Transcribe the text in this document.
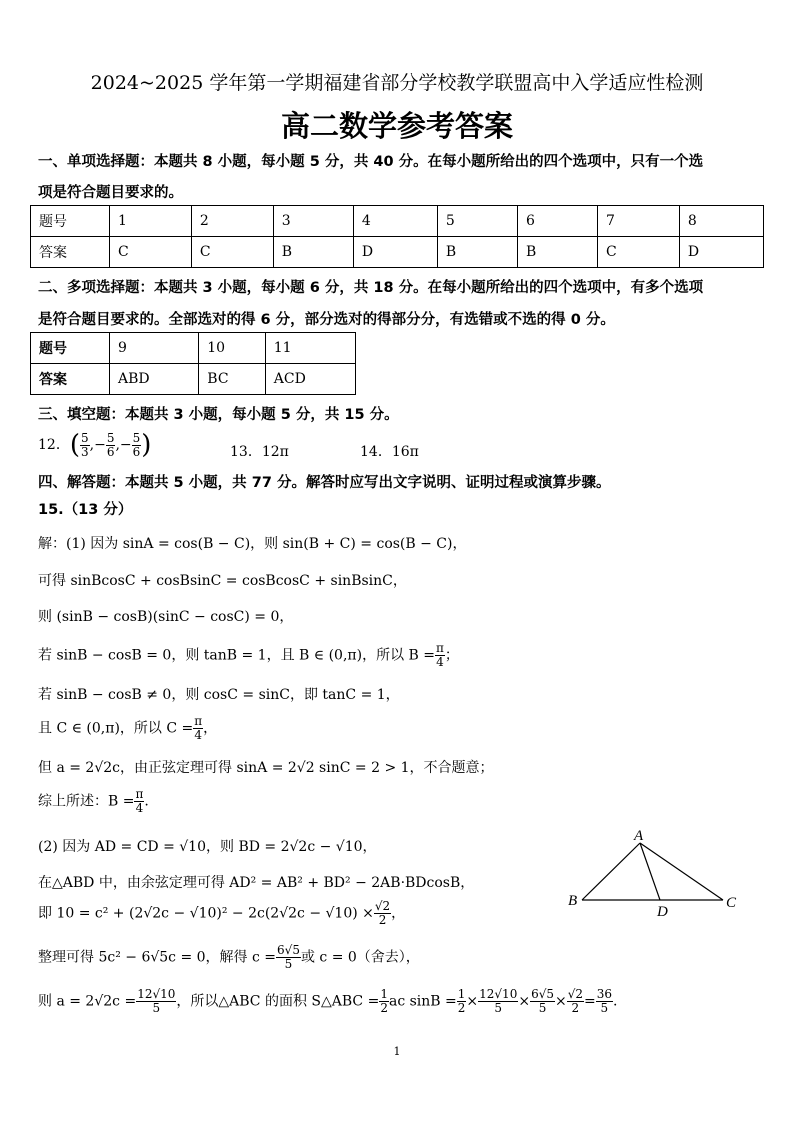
2024~2025 学年第一学期福建省部分学校教学联盟高中入学适应性检测
高二数学参考答案
一、单项选择题：本题共 8 小题，每小题 5 分，共 40 分。在每小题所给出的四个选项中，只有一个选
项是符合题目要求的。
题号	1	2	3	4	5	6	7	8
答案	C	C	B	D	B	B	C	D
二、多项选择题：本题共 3 小题，每小题 6 分，共 18 分。在每小题所给出的四个选项中，有多个选项
是符合题目要求的。全部选对的得 6 分，部分选对的得部分分，有选错或不选的得 0 分。
题号	9	10	11
答案	ABD	BC	ACD
三、填空题：本题共 3 小题，每小题 5 分，共 15 分。
12．( $\frac{5}{3}$ ,− $\frac{5}{6}$ ,− $\frac{5}{6}$ )	13．12π	14．16π
四、解答题：本题共 5 小题，共 77 分。解答时应写出文字说明、证明过程或演算步骤。
15.（13 分）
解：(1) 因为 sinA = cos(B − C)，则 sin(B + C) = cos(B − C)，
可得 sinBcosC + cosBsinC = cosBcosC + sinBsinC，
则 (sinB − cosB)(sinC − cosC) = 0，
若 sinB − cosB = 0，则 tanB = 1，且 B ∈ (0,π)，所以 $B = \frac{\pi}{4}$ ；
若 sinB − cosB ≠ 0，则 cosC = sinC，即 tanC = 1，
且 C ∈ (0,π)，所以 $C = \frac{\pi}{4}$ ，
但 a = 2√2c，由正弦定理可得 sinA = 2√2 sinC = 2 > 1，不合题意；
综上所述：$B = \frac{\pi}{4}$ .
(2) 因为 AD = CD = √10，则 BD = 2√2c − √10，
在△ABD 中，由余弦定理可得 AD² = AB² + BD² − 2AB·BDcosB，
即 $10 = c^2 + (2√2c - √10)^2 - 2c(2√2c - √10) \times \frac{√2}{2}$ ，
整理可得 5c² − 6√5c = 0，解得 $c = \frac{6√5}{5}$ 或 c = 0（舍去），
则 $a = 2√2c = \frac{12√10}{5}$ ，所以△ABC 的面积 S△ABC = $\frac{1}{2}$ ac $\sin B = \frac{1}{2} \times \frac{12√10}{5} \times \frac{6√5}{5} \times \frac{√2}{2} = \frac{36}{5}$ .
A
B	C
D
1
